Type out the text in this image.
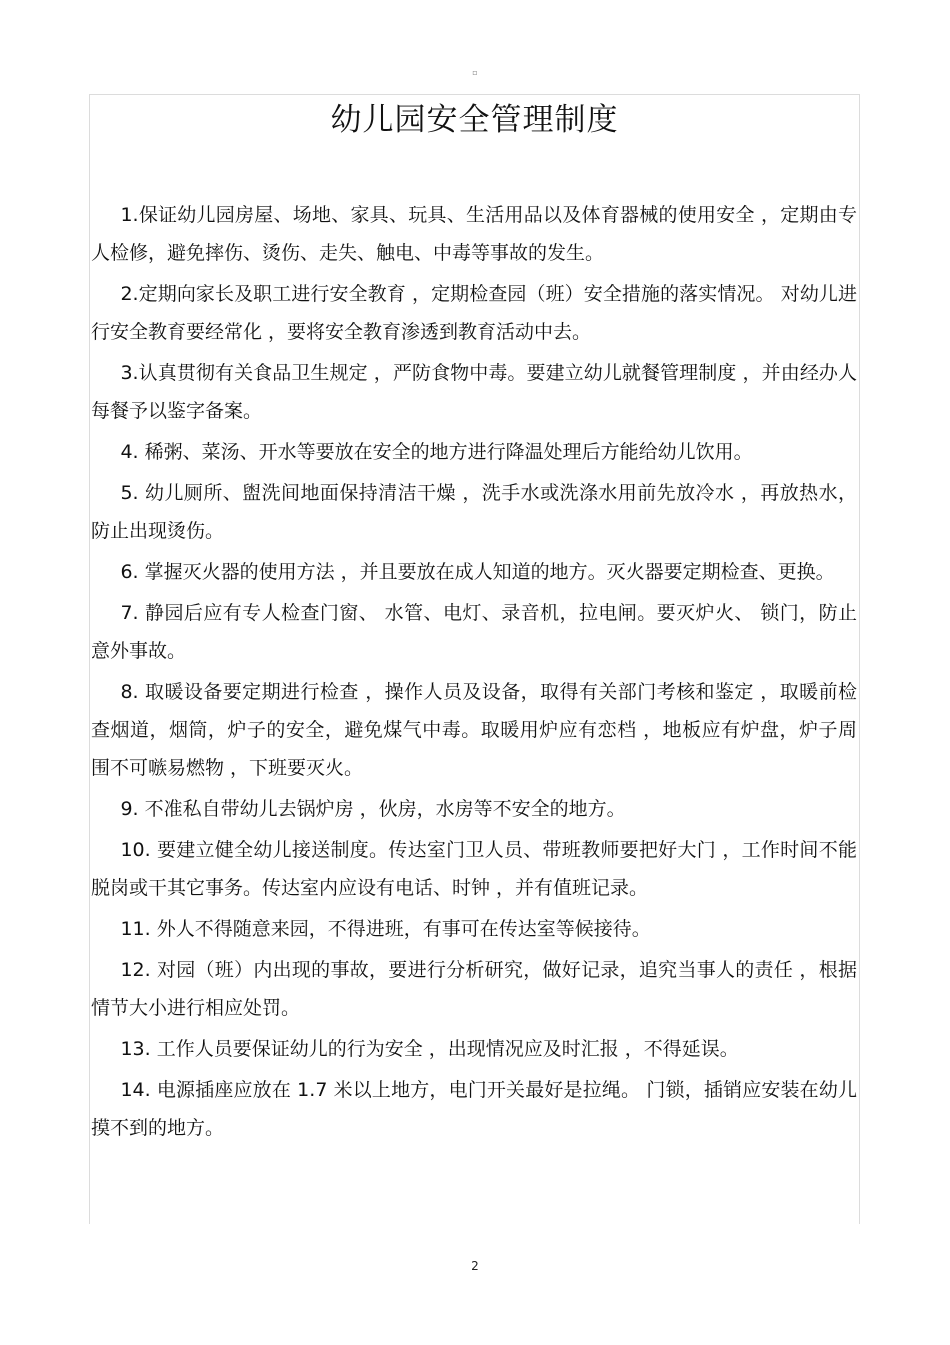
▫
幼儿园安全管理制度

1.保证幼儿园房屋、场地、家具、玩具、生活用品以及体育器械的使用安全 ，定期由专人检修，避免摔伤、烫伤、走失、触电、中毒等事故的发生。

2.定期向家长及职工进行安全教育 ，定期检查园（班）安全措施的落实情况。 对幼儿进行安全教育要经常化 ，要将安全教育渗透到教育活动中去。

3.认真贯彻有关食品卫生规定 ，严防食物中毒。要建立幼儿就餐管理制度 ，并由经办人每餐予以鉴字备案。

4. 稀粥、菜汤、开水等要放在安全的地方进行降温处理后方能给幼儿饮用。

5. 幼儿厕所、盥洗间地面保持清洁干燥 ，洗手水或洗涤水用前先放冷水 ，再放热水，防止出现烫伤。

6. 掌握灭火器的使用方法 ，并且要放在成人知道的地方。灭火器要定期检查、更换。

7. 静园后应有专人检查门窗、 水管、电灯、录音机，拉电闸。要灭炉火、 锁门，防止意外事故。

8. 取暖设备要定期进行检查 ，操作人员及设备，取得有关部门考核和鉴定 ，取暖前检查烟道，烟筒，炉子的安全，避免煤气中毒。取暖用炉应有恋档 ，地板应有炉盘，炉子周围不可嗾易燃物 ，下班要灭火。

9. 不准私自带幼儿去锅炉房 ，伙房，水房等不安全的地方。

10. 要建立健全幼儿接送制度。传达室门卫人员、带班教师要把好大门 ，工作时间不能脱岗或干其它事务。传达室内应设有电话、时钟 ，并有值班记录。

11. 外人不得随意来园，不得进班，有事可在传达室等候接待。

12. 对园（班）内出现的事故，要进行分析研究，做好记录，追究当事人的责任 ，根据情节大小进行相应处罚。

13. 工作人员要保证幼儿的行为安全 ，出现情况应及时汇报 ，不得延误。

14. 电源插座应放在 1.7 米以上地方，电门开关最好是拉绳。 门锁，插销应安装在幼儿摸不到的地方。

2
